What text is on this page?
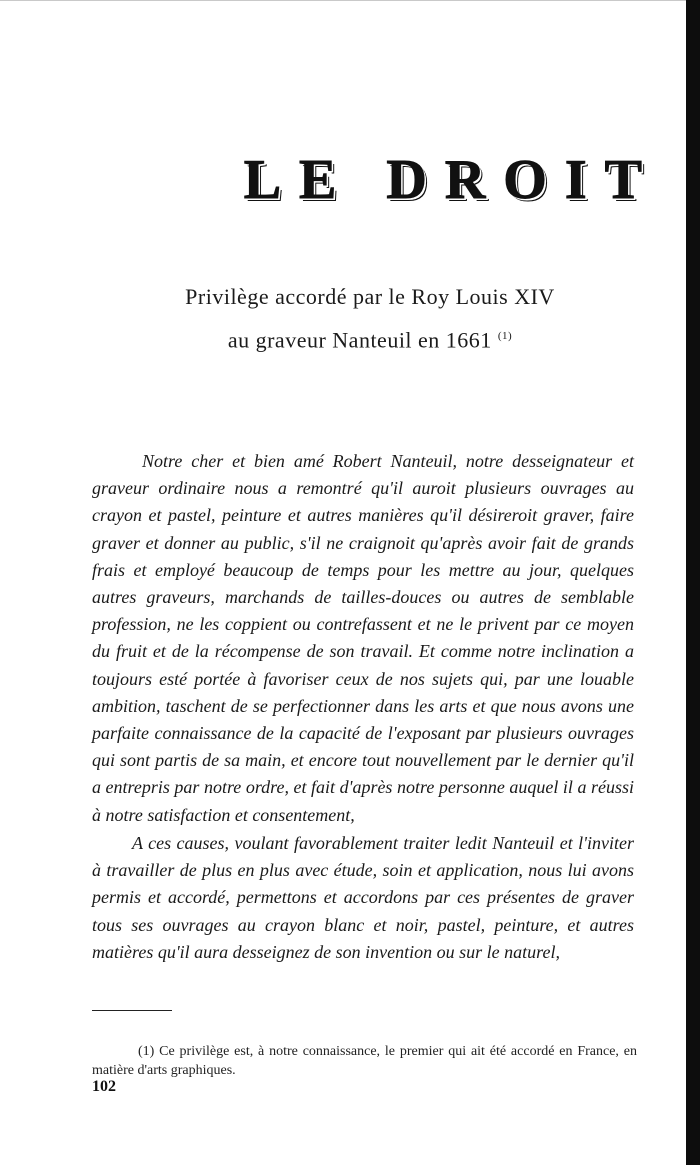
LE DROIT
Privilège accordé par le Roy Louis XIV
au graveur Nanteuil en 1661 $^{(1)}$

Notre cher et bien amé Robert Nanteuil, notre desseignateur et graveur ordinaire nous a remontré qu'il auroit plusieurs ouvrages au crayon et pastel, peinture et autres manières qu'il désireroit graver, faire graver et donner au public, s'il ne craignoit qu'après avoir fait de grands frais et employé beaucoup de temps pour les mettre au jour, quelques autres graveurs, marchands de tailles-douces ou autres de semblable profession, ne les coppient ou contrefassent et ne le privent par ce moyen du fruit et de la récompense de son travail. Et comme notre inclination a toujours esté portée à favoriser ceux de nos sujets qui, par une louable ambition, taschent de se perfectionner dans les arts et que nous avons une parfaite connaissance de la capacité de l'exposant par plusieurs ouvrages qui sont partis de sa main, et encore tout nouvellement par le dernier qu'il a entrepris par notre ordre, et fait d'après notre personne auquel il a réussi à notre satisfaction et consentement,

A ces causes, voulant favorablement traiter ledit Nanteuil et l'inviter à travailler de plus en plus avec étude, soin et application, nous lui avons permis et accordé, permettons et accordons par ces présentes de graver tous ses ouvrages au crayon blanc et noir, pastel, peinture, et autres matières qu'il aura desseignez de son invention ou sur le naturel,

(1) Ce privilège est, à notre connaissance, le premier qui ait été accordé en France, en matière d'arts graphiques.

102
